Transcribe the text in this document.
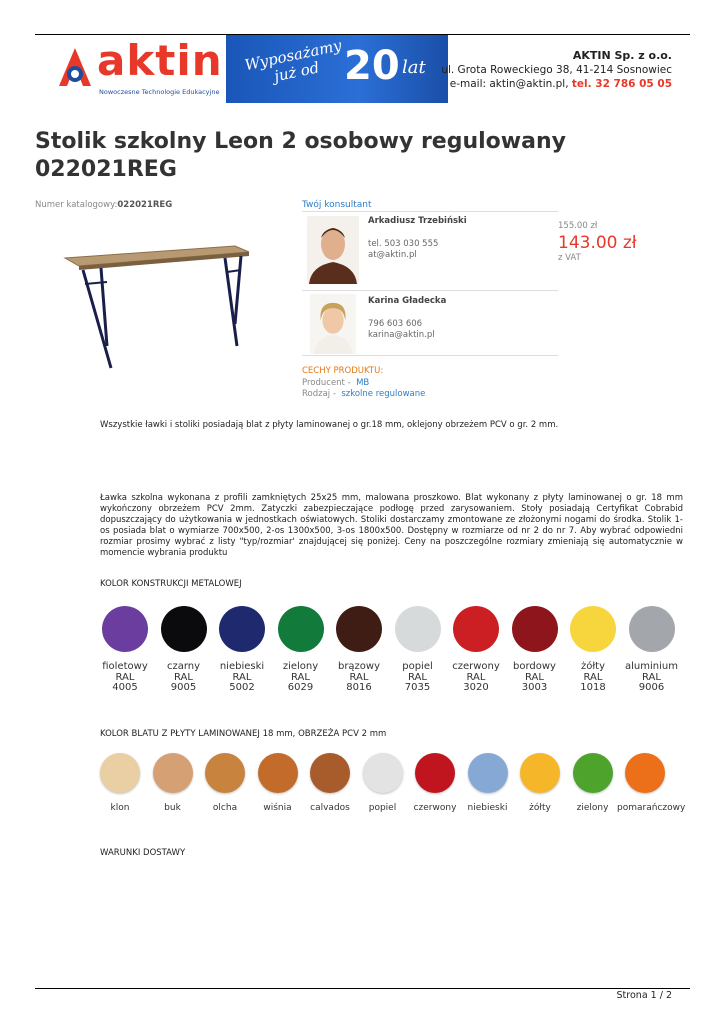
aktin
Nowoczesne Technologie Edukacyjne
Wyposażamy już od 20 lat
AKTIN Sp. z o.o.
ul. Grota Roweckiego 38, 41-214 Sosnowiec
e-mail: aktin@aktin.pl, tel. 32 786 05 05
Stolik szkolny Leon 2 osobowy regulowany 022021REG
Numer katalogowy:022021REG	Twój konsultant
Arkadiusz Trzebiński
tel. 503 030 555
at@aktin.pl
Karina Gładecka
796 603 606
karina@aktin.pl
155.00 zł
143.00 zł
z VAT
CECHY PRODUKTU:
Producent - MB
Rodzaj - szkolne regulowane
Wszystkie ławki i stoliki posiadają blat z płyty laminowanej o gr.18 mm, oklejony obrzeżem PCV o gr. 2 mm.
Ławka szkolna wykonana z profili zamkniętych 25x25 mm, malowana proszkowo. Blat wykonany z płyty laminowanej o gr. 18 mm wykończony obrzeżem PCV 2mm. Zatyczki zabezpieczające podłogę przed zarysowaniem. Stoły posiadają Certyfikat Cobrabid dopuszczający do użytkowania w jednostkach oświatowych. Stoliki dostarczamy zmontowane ze złożonymi nogami do środka. Stolik 1-os posiada blat o wymiarze 700x500, 2-os 1300x500, 3-os 1800x500. Dostępny w rozmiarze od nr 2 do nr 7. Aby wybrać odpowiedni rozmiar prosimy wybrać z listy "typ/rozmiar' znajdującej się poniżej. Ceny na poszczególne rozmiary zmieniają się automatycznie w momencie wybrania produktu
KOLOR KONSTRUKCJI METALOWEJ
fioletowy
RAL
4005
czarny
RAL
9005
niebieski
RAL
5002
zielony
RAL
6029
brązowy
RAL
8016
popiel
RAL
7035
czerwony
RAL
3020
bordowy
RAL
3003
żółty
RAL
1018
aluminium
RAL
9006
KOLOR BLATU Z PŁYTY LAMINOWANEJ 18 mm, OBRZEŻA PCV 2 mm
klon	buk	olcha	wiśnia	calvados	popiel	czerwony	niebieski	żółty	zielony pomarańczowy
WARUNKI DOSTAWY
Strona 1 / 2
